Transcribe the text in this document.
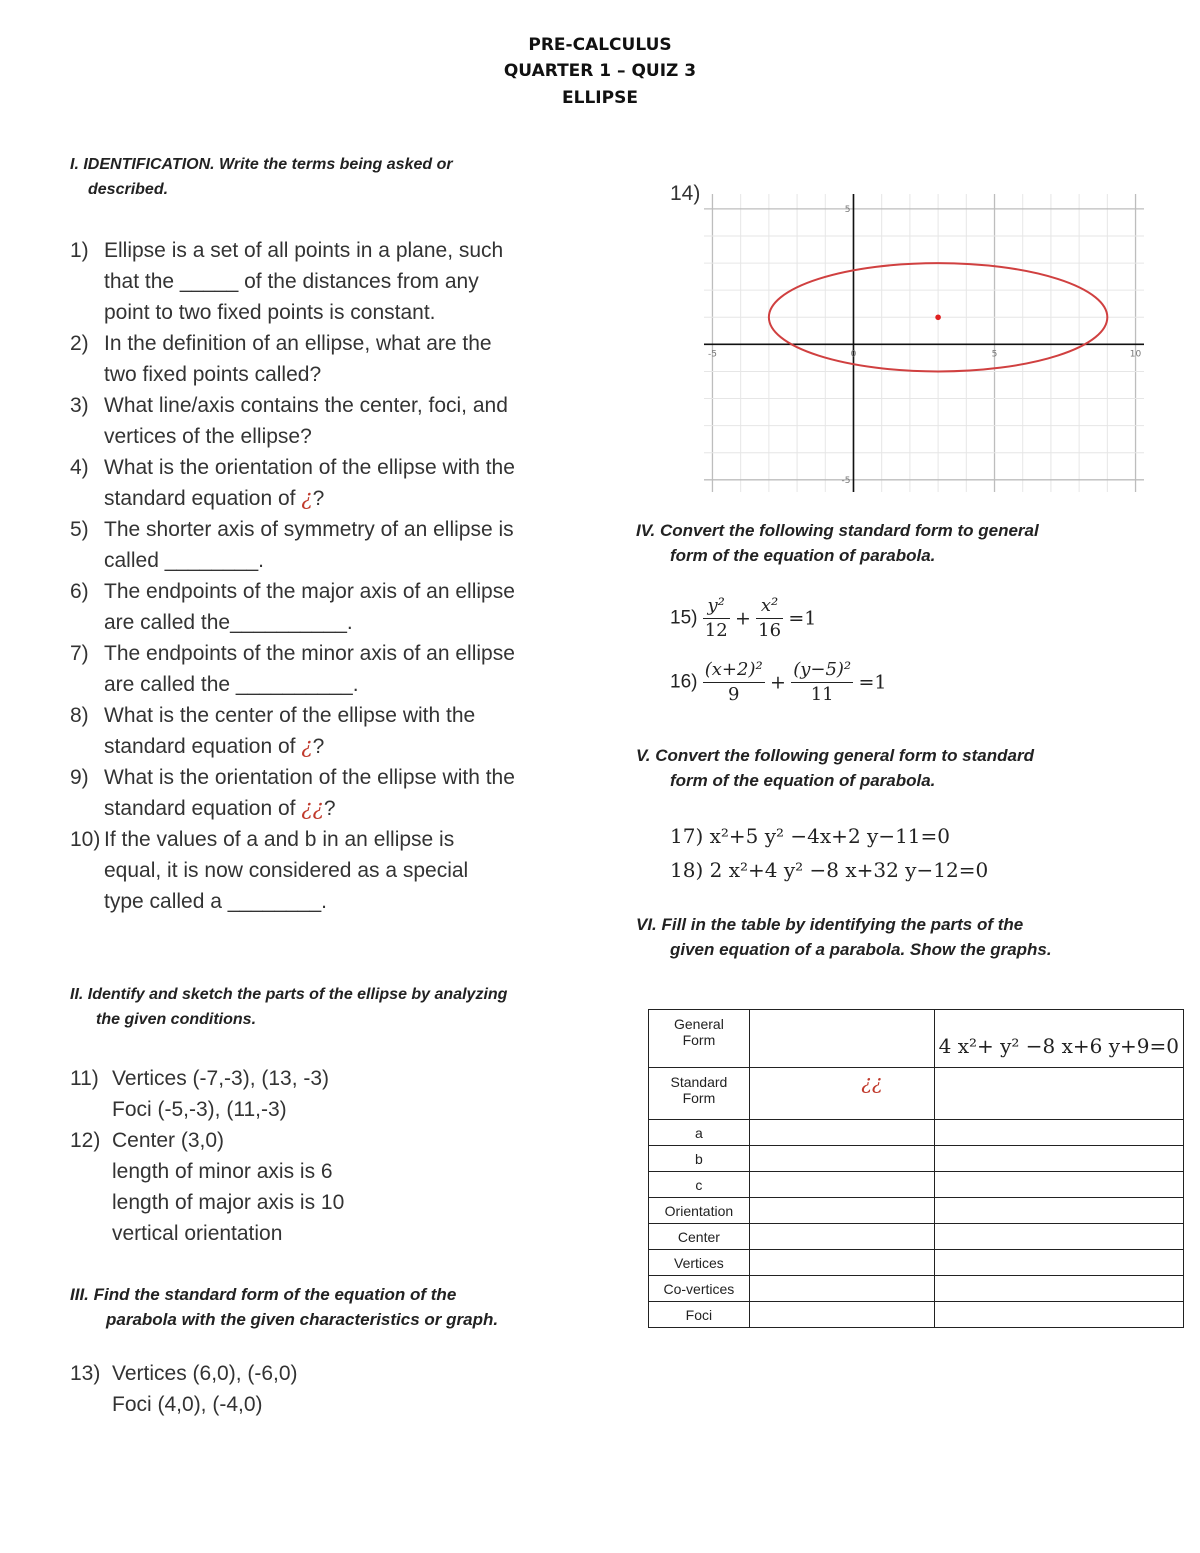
PRE-CALCULUS
QUARTER 1 – QUIZ 3
ELLIPSE
I. IDENTIFICATION. Write the terms being asked or
described.
1) Ellipse is a set of all points in a plane, such
that the _____ of the distances from any
point to two fixed points is constant.
2) In the definition of an ellipse, what are the
two fixed points called?
3) What line/axis contains the center, foci, and
vertices of the ellipse?
4) What is the orientation of the ellipse with the
standard equation of ¿?
5) The shorter axis of symmetry of an ellipse is
called ________.
6) The endpoints of the major axis of an ellipse
are called the__________.
7) The endpoints of the minor axis of an ellipse
are called the __________.
8) What is the center of the ellipse with the
standard equation of ¿?
9) What is the orientation of the ellipse with the
standard equation of ¿¿?
10) If the values of a and b in an ellipse is
equal, it is now considered as a special
type called a ________.
II. Identify and sketch the parts of the ellipse by analyzing
the given conditions.
11) Vertices (-7,-3), (13, -3)
Foci (-5,-3), (11,-3)
12) Center (3,0)
length of minor axis is 6
length of major axis is 10
vertical orientation
III. Find the standard form of the equation of the
parabola with the given characteristics or graph.
13) Vertices (6,0), (-6,0)
Foci (4,0), (-4,0)
14)
-5	0	5	10
5
-5
IV. Convert the following standard form to general
form of the equation of parabola.
$15) \frac{\text{y²}}{12} + \frac{\text{x²}}{16} =1$
$16) \frac{\text{(x+2)²}}{9} + \frac{\text{(y−5)²}}{11} =1$
V. Convert the following general form to standard
form of the equation of parabola.
17) x²+5 y² −4x+2 y−11=0
18) 2 x²+4 y² −8 x+32 y−12=0
VI. Fill in the table by identifying the parts of the
given equation of a parabola. Show the graphs.
General Form		4 x²+ y² −8 x+6 y+9=0
Standard Form	¿¿	
a		
b		
c		
Orientation		
Center		
Vertices		
Co-vertices		
Foci		
